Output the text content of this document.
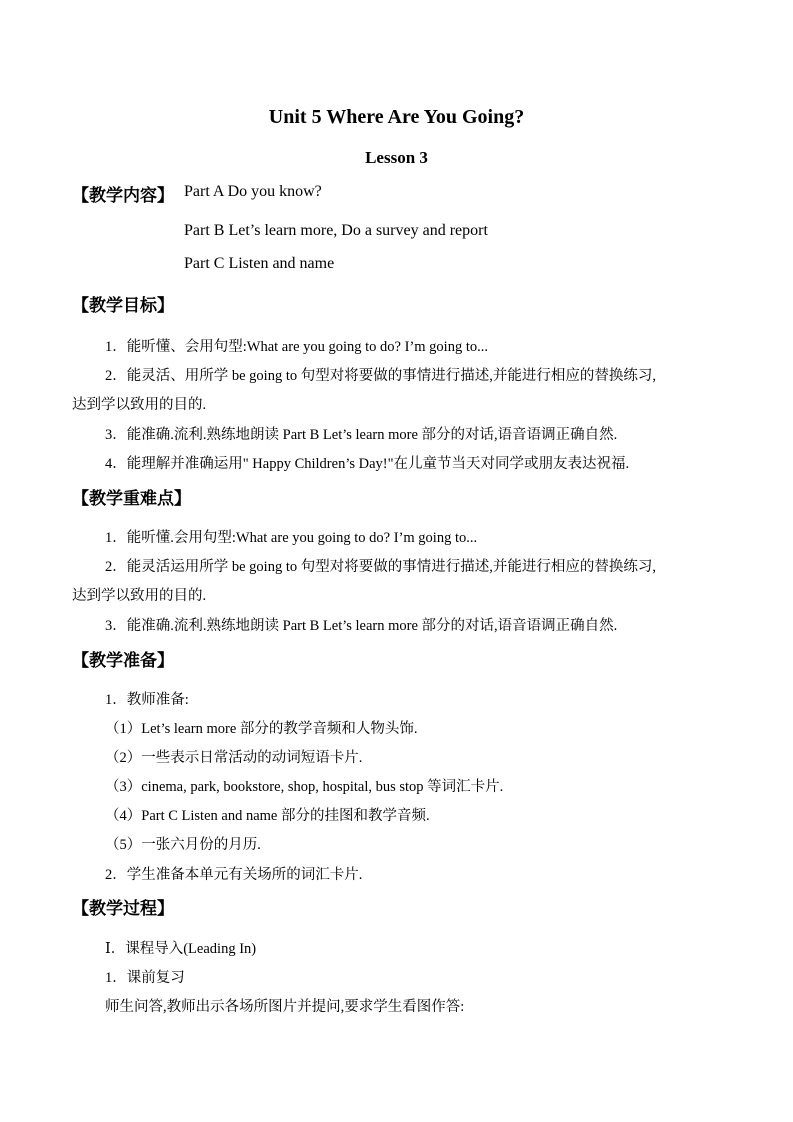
Unit 5 Where Are You Going?
Lesson 3
【教学内容】 Part A Do you know?
Part B Let’s learn more, Do a survey and report
Part C Listen and name
【教学目标】
1．能听懂、会用句型:What are you going to do? I’m going to...
2．能灵活、用所学 be going to 句型对将要做的事情进行描述,并能进行相应的替换练习,
达到学以致用的目的.
3．能准确.流利.熟练地朗读 Part B Let’s learn more 部分的对话,语音语调正确自然.
4．能理解并准确运用" Happy Children’s Day!"在儿童节当天对同学或朋友表达祝福.
【教学重难点】
1．能听懂.会用句型:What are you going to do? I’m going to...
2．能灵活运用所学 be going to 句型对将要做的事情进行描述,并能进行相应的替换练习,
达到学以致用的目的.
3．能准确.流利.熟练地朗读 Part B Let’s learn more 部分的对话,语音语调正确自然.
【教学准备】
1．教师准备:
（1）Let’s learn more 部分的教学音频和人物头饰.
（2）一些表示日常活动的动词短语卡片.
（3）cinema, park, bookstore, shop, hospital, bus stop 等词汇卡片.
（4）Part C Listen and name 部分的挂图和教学音频.
（5）一张六月份的月历.
2．学生准备本单元有关场所的词汇卡片.
【教学过程】
Ⅰ．课程导入(Leading In)
1．课前复习
师生问答,教师出示各场所图片并提问,要求学生看图作答:
